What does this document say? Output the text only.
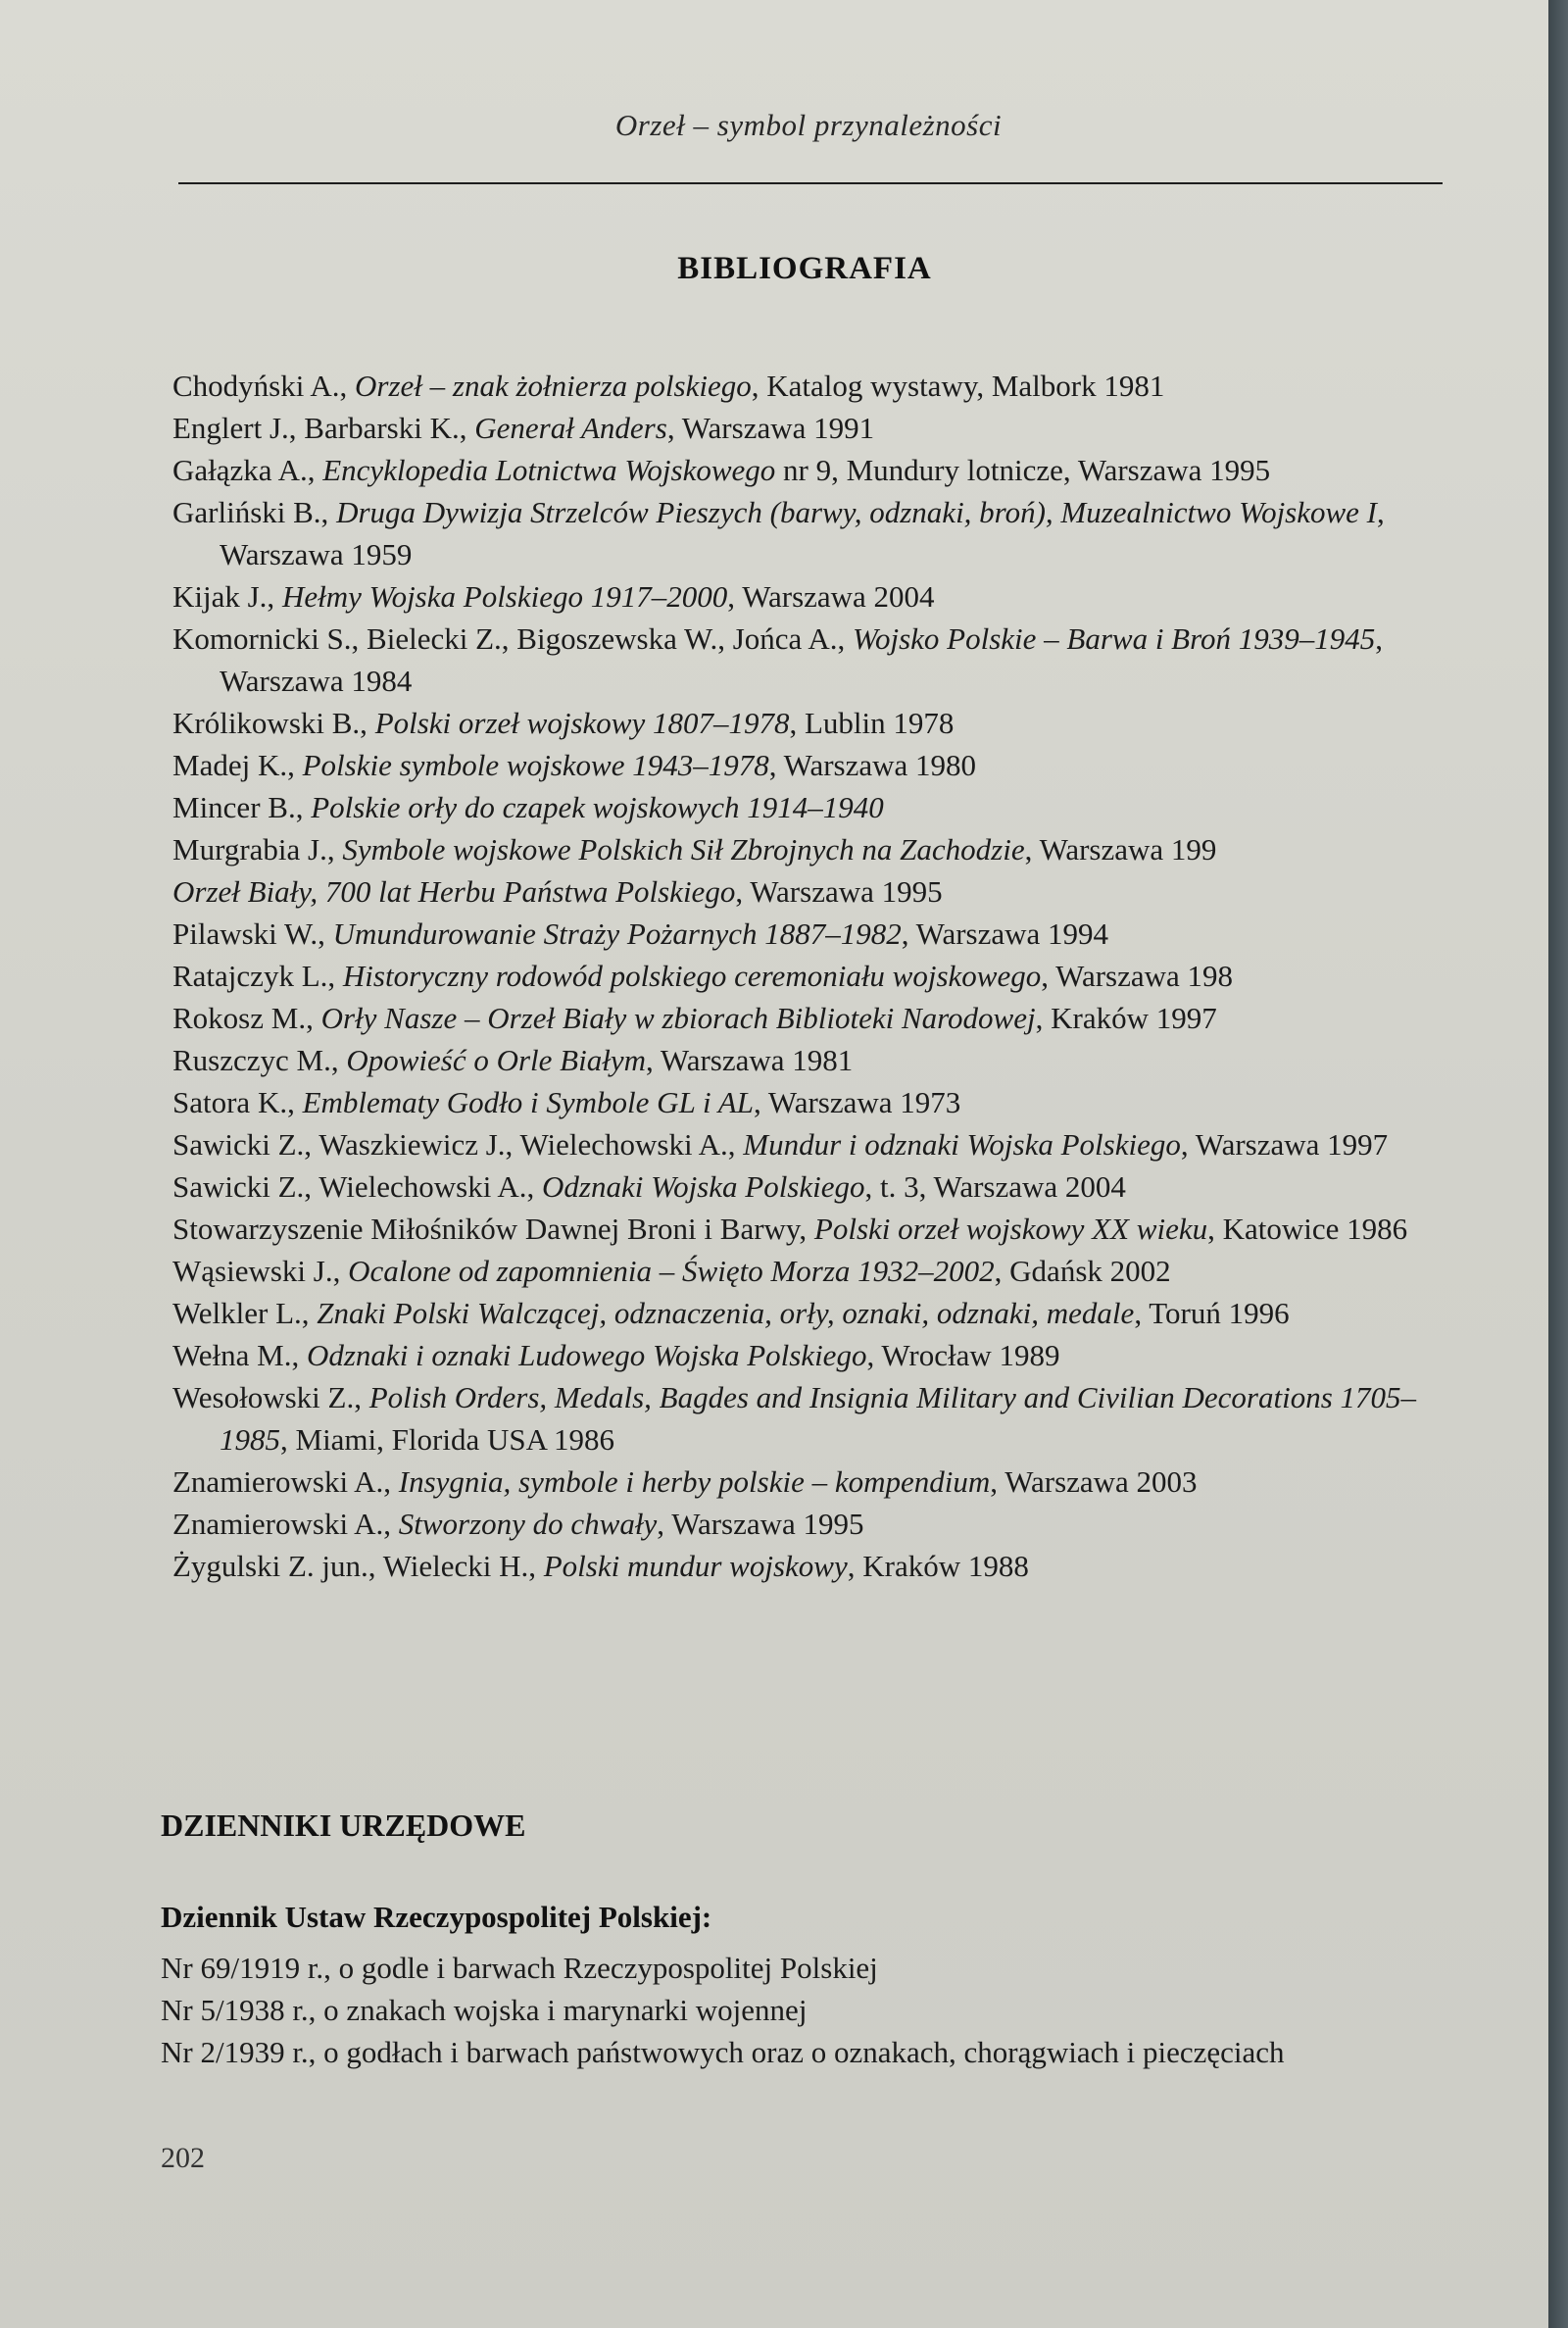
Orzeł – symbol przynależności
BIBLIOGRAFIA
Chodyński A., Orzeł – znak żołnierza polskiego, Katalog wystawy, Malbork 1981
Englert J., Barbarski K., Generał Anders, Warszawa 1991
Gałązka A., Encyklopedia Lotnictwa Wojskowego nr 9, Mundury lotnicze, Warszawa 1995
Garliński B., Druga Dywizja Strzelców Pieszych (barwy, odznaki, broń), Muzealnictwo Wojskowe I, Warszawa 1959
Kijak J., Hełmy Wojska Polskiego 1917–2000, Warszawa 2004
Komornicki S., Bielecki Z., Bigoszewska W., Jońca A., Wojsko Polskie – Barwa i Broń 1939–1945, Warszawa 1984
Królikowski B., Polski orzeł wojskowy 1807–1978, Lublin 1978
Madej K., Polskie symbole wojskowe 1943–1978, Warszawa 1980
Mincer B., Polskie orły do czapek wojskowych 1914–1940
Murgrabia J., Symbole wojskowe Polskich Sił Zbrojnych na Zachodzie, Warszawa 199
Orzeł Biały, 700 lat Herbu Państwa Polskiego, Warszawa 1995
Pilawski W., Umundurowanie Straży Pożarnych 1887–1982, Warszawa 1994
Ratajczyk L., Historyczny rodowód polskiego ceremoniału wojskowego, Warszawa 198
Rokosz M., Orły Nasze – Orzeł Biały w zbiorach Biblioteki Narodowej, Kraków 1997
Ruszczyc M., Opowieść o Orle Białym, Warszawa 1981
Satora K., Emblematy Godło i Symbole GL i AL, Warszawa 1973
Sawicki Z., Waszkiewicz J., Wielechowski A., Mundur i odznaki Wojska Polskiego, Warszawa 1997
Sawicki Z., Wielechowski A., Odznaki Wojska Polskiego, t. 3, Warszawa 2004
Stowarzyszenie Miłośników Dawnej Broni i Barwy, Polski orzeł wojskowy XX wieku, Katowice 1986
Wąsiewski J., Ocalone od zapomnienia – Święto Morza 1932–2002, Gdańsk 2002
Welkler L., Znaki Polski Walczącej, odznaczenia, orły, oznaki, odznaki, medale, Toruń 1996
Wełna M., Odznaki i oznaki Ludowego Wojska Polskiego, Wrocław 1989
Wesołowski Z., Polish Orders, Medals, Bagdes and Insignia Military and Civilian Decorations 1705–1985, Miami, Florida USA 1986
Znamierowski A., Insygnia, symbole i herby polskie – kompendium, Warszawa 2003
Znamierowski A., Stworzony do chwały, Warszawa 1995
Żygulski Z. jun., Wielecki H., Polski mundur wojskowy, Kraków 1988
DZIENNIKI URZĘDOWE
Dziennik Ustaw Rzeczypospolitej Polskiej:
Nr 69/1919 r., o godle i barwach Rzeczypospolitej Polskiej
Nr 5/1938 r., o znakach wojska i marynarki wojennej
Nr 2/1939 r., o godłach i barwach państwowych oraz o oznakach, chorągwiach i pieczęciach
202
